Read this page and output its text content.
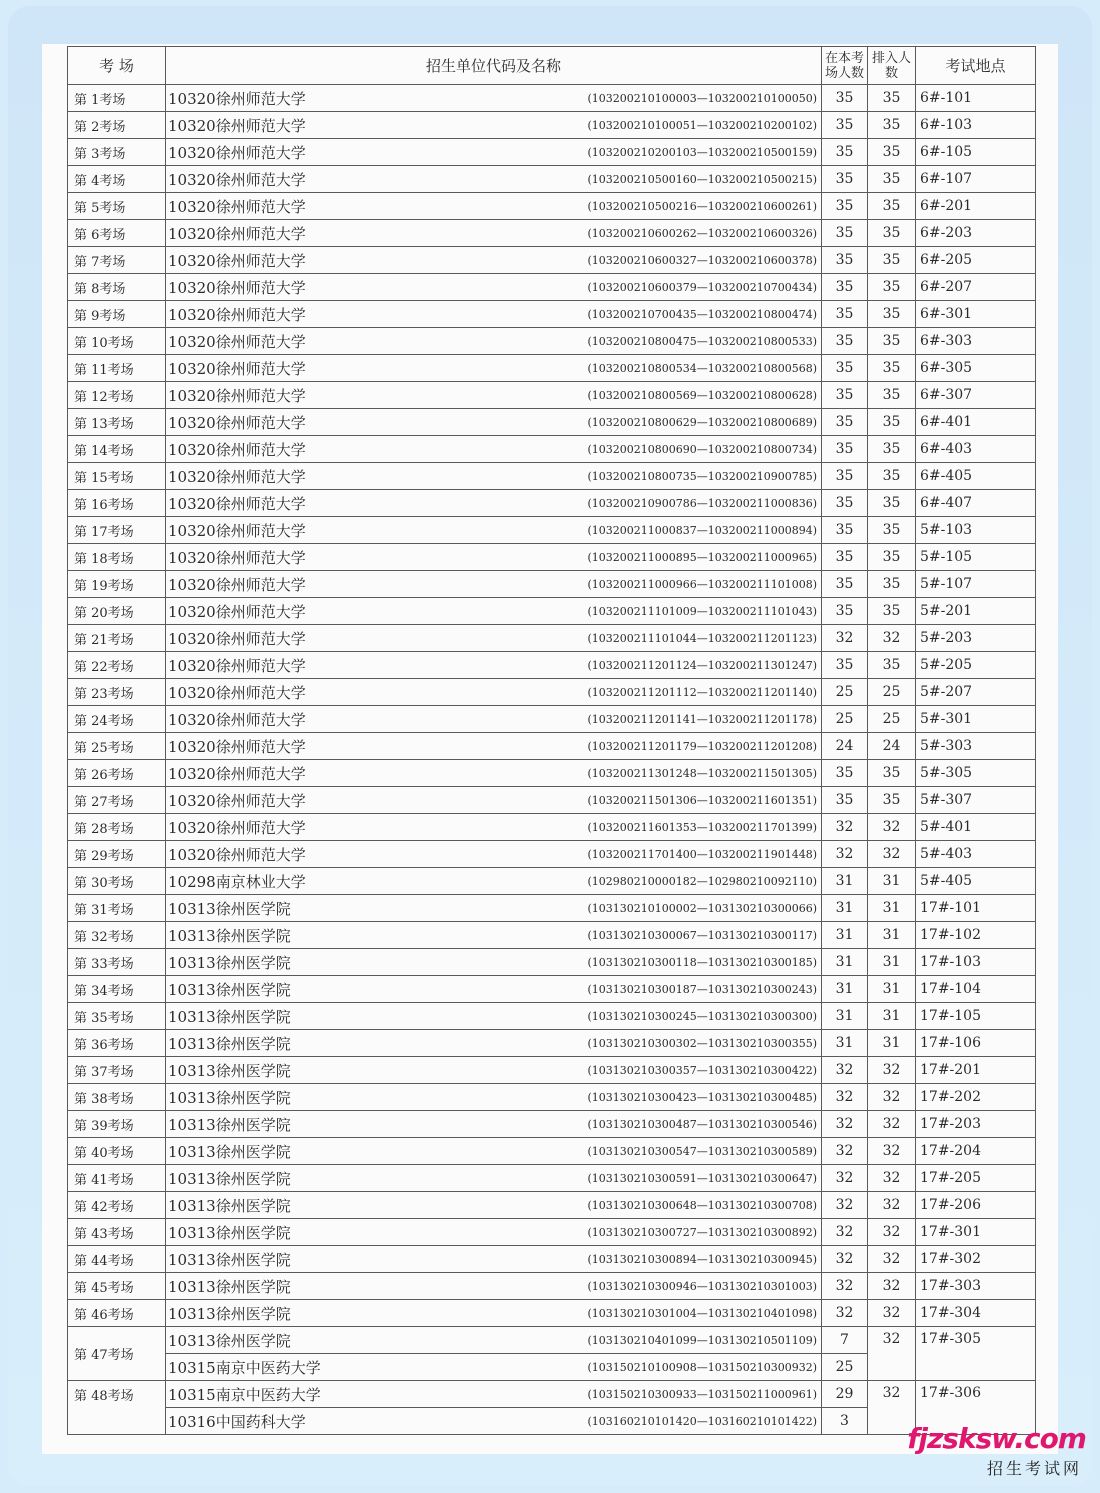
考 场	招生单位代码及名称	在本考场人数	排入人数	考试地点
第 1考场	10320徐州师范大学 (103200210100003—103200210100050)	35	35	6#-101
第 2考场	10320徐州师范大学 (103200210100051—103200210200102)	35	35	6#-103
第 3考场	10320徐州师范大学 (103200210200103—103200210500159)	35	35	6#-105
第 4考场	10320徐州师范大学 (103200210500160—103200210500215)	35	35	6#-107
第 5考场	10320徐州师范大学 (103200210500216—103200210600261)	35	35	6#-201
第 6考场	10320徐州师范大学 (103200210600262—103200210600326)	35	35	6#-203
第 7考场	10320徐州师范大学 (103200210600327—103200210600378)	35	35	6#-205
第 8考场	10320徐州师范大学 (103200210600379—103200210700434)	35	35	6#-207
第 9考场	10320徐州师范大学 (103200210700435—103200210800474)	35	35	6#-301
第 10考场	10320徐州师范大学 (103200210800475—103200210800533)	35	35	6#-303
第 11考场	10320徐州师范大学 (103200210800534—103200210800568)	35	35	6#-305
第 12考场	10320徐州师范大学 (103200210800569—103200210800628)	35	35	6#-307
第 13考场	10320徐州师范大学 (103200210800629—103200210800689)	35	35	6#-401
第 14考场	10320徐州师范大学 (103200210800690—103200210800734)	35	35	6#-403
第 15考场	10320徐州师范大学 (103200210800735—103200210900785)	35	35	6#-405
第 16考场	10320徐州师范大学 (103200210900786—103200211000836)	35	35	6#-407
第 17考场	10320徐州师范大学 (103200211000837—103200211000894)	35	35	5#-103
第 18考场	10320徐州师范大学 (103200211000895—103200211000965)	35	35	5#-105
第 19考场	10320徐州师范大学 (103200211000966—103200211101008)	35	35	5#-107
第 20考场	10320徐州师范大学 (103200211101009—103200211101043)	35	35	5#-201
第 21考场	10320徐州师范大学 (103200211101044—103200211201123)	32	32	5#-203
第 22考场	10320徐州师范大学 (103200211201124—103200211301247)	35	35	5#-205
第 23考场	10320徐州师范大学 (103200211201112—103200211201140)	25	25	5#-207
第 24考场	10320徐州师范大学 (103200211201141—103200211201178)	25	25	5#-301
第 25考场	10320徐州师范大学 (103200211201179—103200211201208)	24	24	5#-303
第 26考场	10320徐州师范大学 (103200211301248—103200211501305)	35	35	5#-305
第 27考场	10320徐州师范大学 (103200211501306—103200211601351)	35	35	5#-307
第 28考场	10320徐州师范大学 (103200211601353—103200211701399)	32	32	5#-401
第 29考场	10320徐州师范大学 (103200211701400—103200211901448)	32	32	5#-403
第 30考场	10298南京林业大学 (102980210000182—102980210092110)	31	31	5#-405
第 31考场	10313徐州医学院 (103130210100002—103130210300066)	31	31	17#-101
第 32考场	10313徐州医学院 (103130210300067—103130210300117)	31	31	17#-102
第 33考场	10313徐州医学院 (103130210300118—103130210300185)	31	31	17#-103
第 34考场	10313徐州医学院 (103130210300187—103130210300243)	31	31	17#-104
第 35考场	10313徐州医学院 (103130210300245—103130210300300)	31	31	17#-105
第 36考场	10313徐州医学院 (103130210300302—103130210300355)	31	31	17#-106
第 37考场	10313徐州医学院 (103130210300357—103130210300422)	32	32	17#-201
第 38考场	10313徐州医学院 (103130210300423—103130210300485)	32	32	17#-202
第 39考场	10313徐州医学院 (103130210300487—103130210300546)	32	32	17#-203
第 40考场	10313徐州医学院 (103130210300547—103130210300589)	32	32	17#-204
第 41考场	10313徐州医学院 (103130210300591—103130210300647)	32	32	17#-205
第 42考场	10313徐州医学院 (103130210300648—103130210300708)	32	32	17#-206
第 43考场	10313徐州医学院 (103130210300727—103130210300892)	32	32	17#-301
第 44考场	10313徐州医学院 (103130210300894—103130210300945)	32	32	17#-302
第 45考场	10313徐州医学院 (103130210300946—103130210301003)	32	32	17#-303
第 46考场	10313徐州医学院 (103130210301004—103130210401098)	32	32	17#-304
第 47考场	10313徐州医学院 (103130210401099—103130210501109)	7	32	17#-305
	10315南京中医药大学 (103150210100908—103150210300932)	25		
第 48考场	10315南京中医药大学 (103150210300933—103150211000961)	29	32	17#-306
	10316中国药科大学 (103160210101420—103160210101422)	3		
fjzsksw.com
招生考试网
